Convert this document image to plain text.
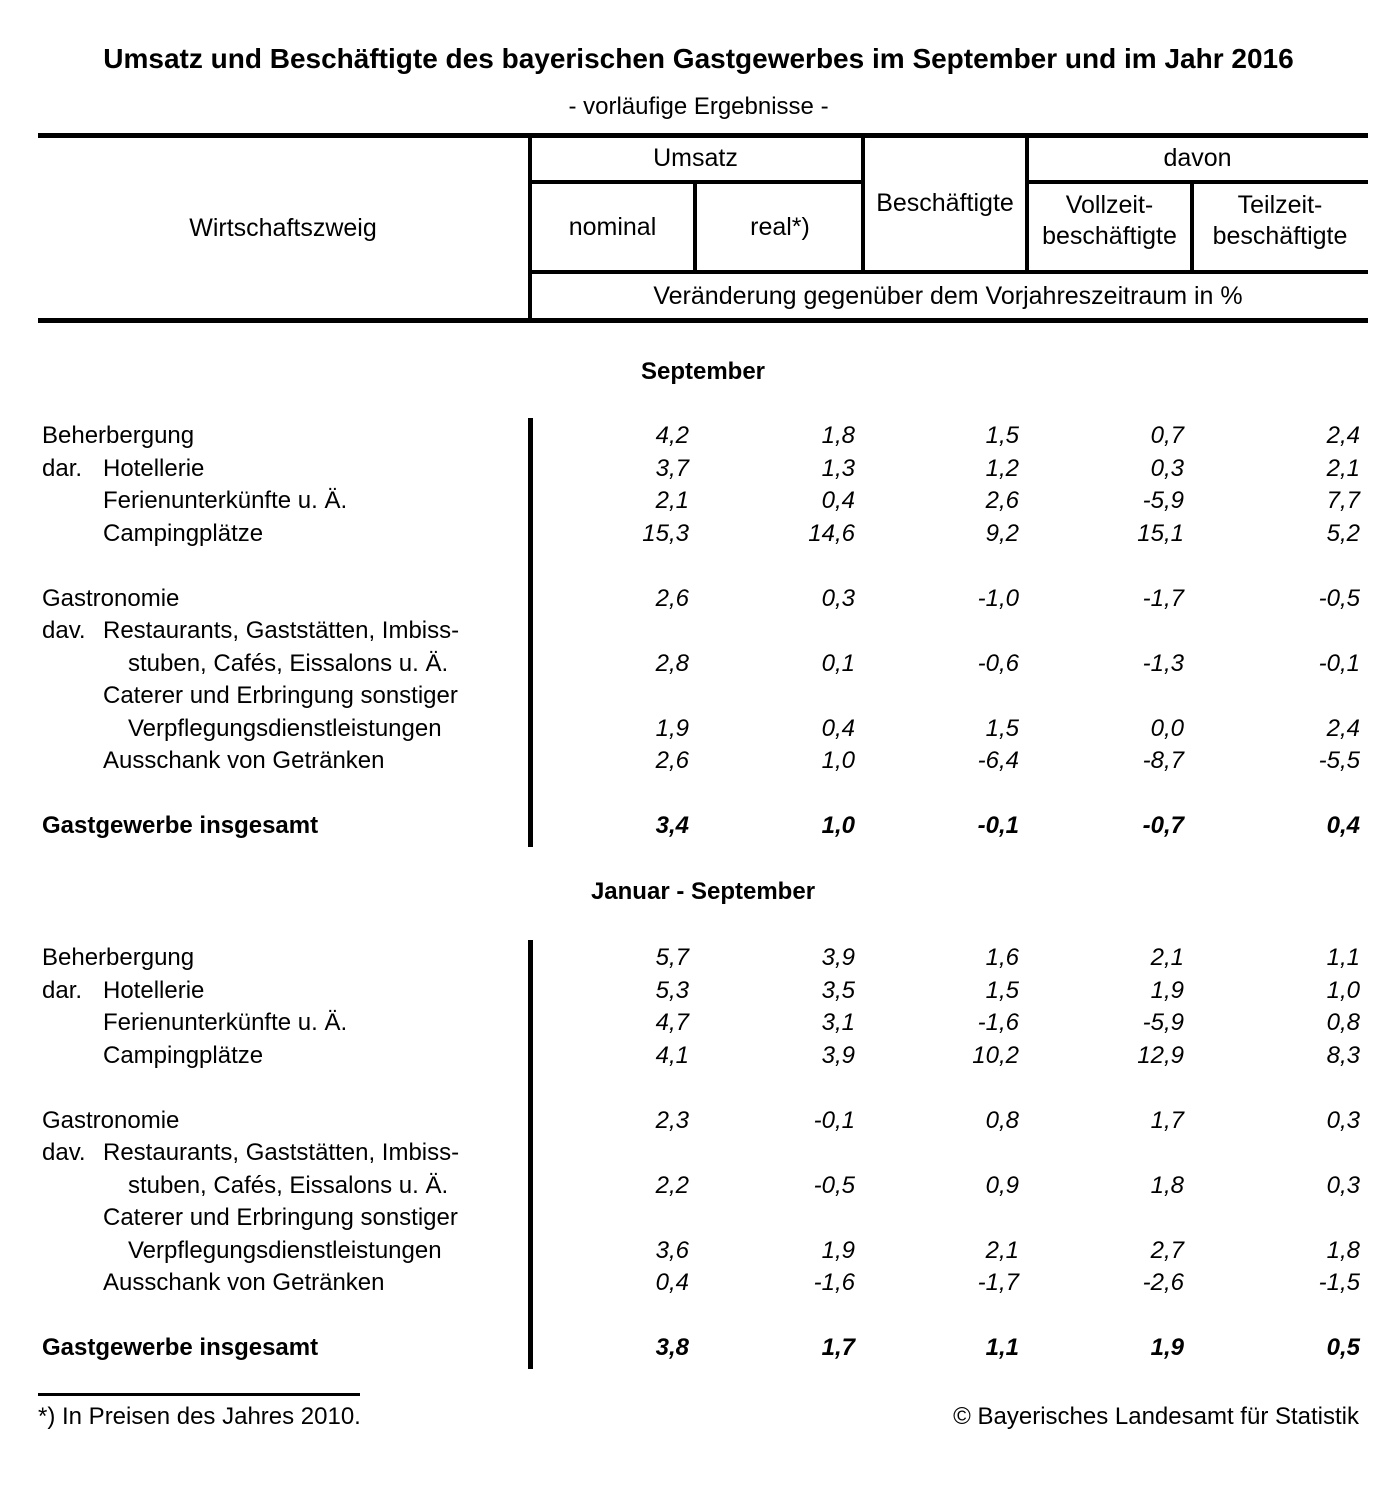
Umsatz und Beschäftigte des bayerischen Gastgewerbes im September und im Jahr 2016
- vorläufige Ergebnisse -
Wirtschaftszweig
Umsatz
Beschäftigte
davon
nominal	real*)
Vollzeit-
beschäftigte
Teilzeit-
beschäftigte
Veränderung gegenüber dem Vorjahreszeitraum in %
September
Beherbergung	4,2	1,8	1,5	0,7	2,4
dar. Hotellerie	3,7	1,3	1,2	0,3	2,1
Ferienunterkünfte u. Ä.	2,1	0,4	2,6	-5,9	7,7
Campingplätze	15,3	14,6	9,2	15,1	5,2
Gastronomie	2,6	0,3	-1,0	-1,7	-0,5
dav. Restaurants, Gaststätten, Imbiss-
stuben, Cafés, Eissalons u. Ä.	2,8	0,1	-0,6	-1,3	-0,1
Caterer und Erbringung sonstiger
Verpflegungsdienstleistungen	1,9	0,4	1,5	0,0	2,4
Ausschank von Getränken	2,6	1,0	-6,4	-8,7	-5,5
Gastgewerbe insgesamt	3,4	1,0	-0,1	-0,7	0,4
Januar - September
Beherbergung	5,7	3,9	1,6	2,1	1,1
dar. Hotellerie	5,3	3,5	1,5	1,9	1,0
Ferienunterkünfte u. Ä.	4,7	3,1	-1,6	-5,9	0,8
Campingplätze	4,1	3,9	10,2	12,9	8,3
Gastronomie	2,3	-0,1	0,8	1,7	0,3
dav. Restaurants, Gaststätten, Imbiss-
stuben, Cafés, Eissalons u. Ä.	2,2	-0,5	0,9	1,8	0,3
Caterer und Erbringung sonstiger
Verpflegungsdienstleistungen	3,6	1,9	2,1	2,7	1,8
Ausschank von Getränken	0,4	-1,6	-1,7	-2,6	-1,5
Gastgewerbe insgesamt	3,8	1,7	1,1	1,9	0,5
*) In Preisen des Jahres 2010.	© Bayerisches Landesamt für Statistik
